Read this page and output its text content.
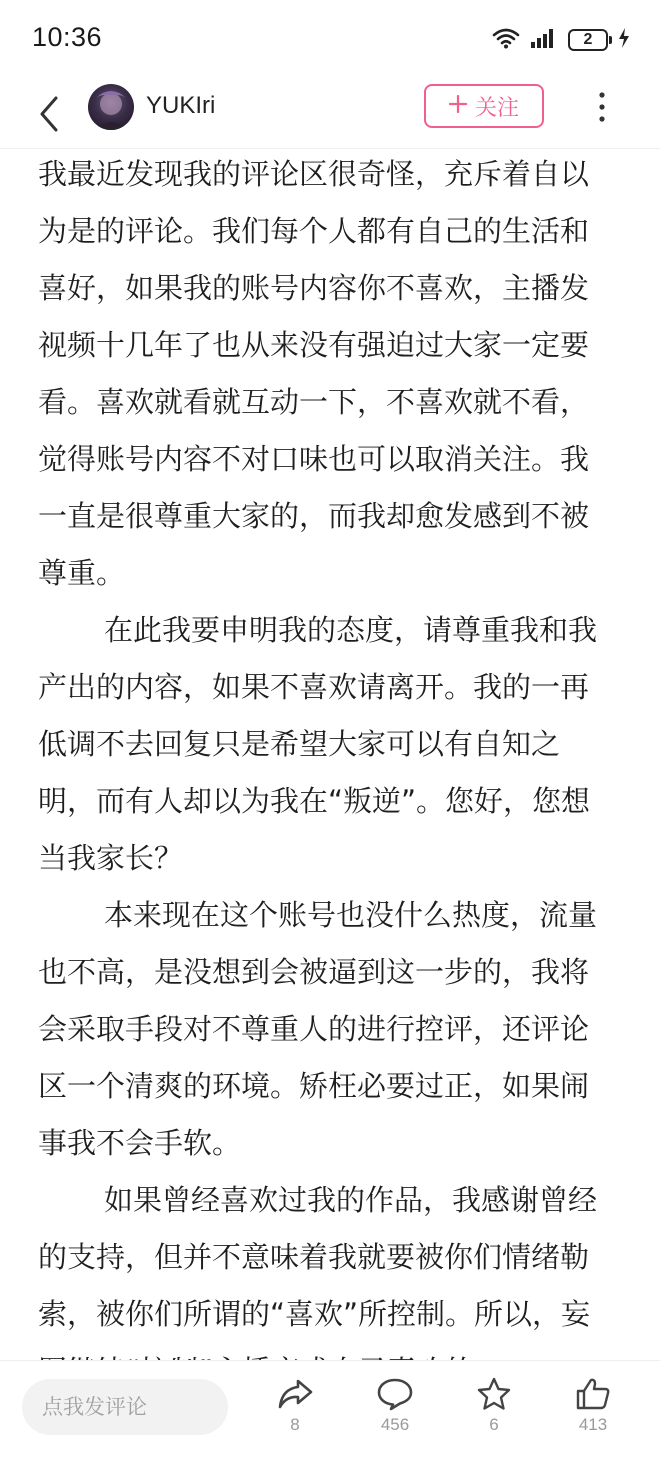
10:36	2
YUKIri	关注

我最近发现我的评论区很奇怪，充斥着自以为是的评论。我们每个人都有自己的生活和喜好，如果我的账号内容你不喜欢，主播发视频十几年了也从来没有强迫过大家一定要看。喜欢就看就互动一下，不喜欢就不看，觉得账号内容不对口味也可以取消关注。我一直是很尊重大家的，而我却愈发感到不被尊重。

在此我要申明我的态度，请尊重我和我产出的内容，如果不喜欢请离开。我的一再低调不去回复只是希望大家可以有自知之明，而有人却以为我在“叛逆”。您好，您想当我家长？

本来现在这个账号也没什么热度，流量也不高，是没想到会被逼到这一步的，我将会采取手段对不尊重人的进行控评，还评论区一个清爽的环境。矫枉必要过正，如果闹事我不会手软。

如果曾经喜欢过我的作品，我感谢曾经的支持，但并不意味着我就要被你们情绪勒索，被你们所谓的“喜欢”所控制。所以，妄

点我发评论
8	456	6	413
